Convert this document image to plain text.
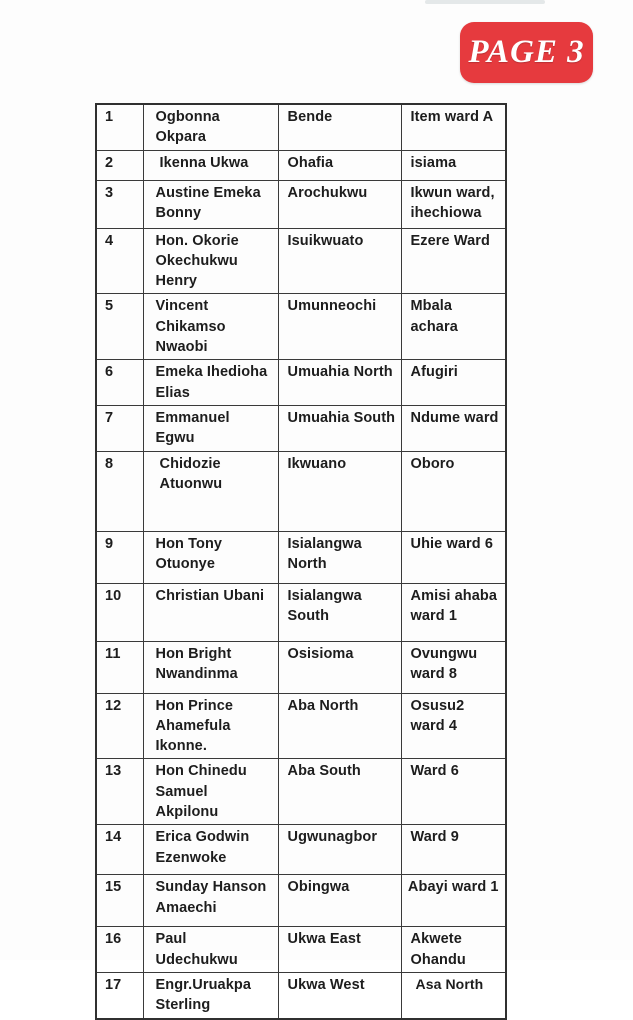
PAGE 3
1	Ogbonna Okpara	Bende	Item ward A
2	Ikenna Ukwa	Ohafia	isiama
3	Austine Emeka Bonny	Arochukwu	Ikwun ward, ihechiowa
4	Hon. Okorie Okechukwu Henry	Isuikwuato	Ezere Ward
5	Vincent Chikamso Nwaobi	Umunneochi	Mbala achara
6	Emeka Ihedioha Elias	Umuahia North	Afugiri
7	Emmanuel Egwu	Umuahia South	Ndume ward
8	Chidozie Atuonwu	Ikwuano	Oboro
9	Hon Tony Otuonye	Isialangwa North	Uhie ward 6
10	Christian Ubani	Isialangwa South	Amisi ahaba ward 1
11	Hon Bright Nwandinma	Osisioma	Ovungwu ward 8
12	Hon Prince Ahamefula Ikonne.	Aba North	Osusu2 ward 4
13	Hon Chinedu Samuel Akpilonu	Aba South	Ward 6
14	Erica Godwin Ezenwoke	Ugwunagbor	Ward 9
15	Sunday Hanson Amaechi	Obingwa	Abayi ward 1
16	Paul Udechukwu	Ukwa East	Akwete Ohandu
17	Engr.Uruakpa Sterling	Ukwa West	Asa North
